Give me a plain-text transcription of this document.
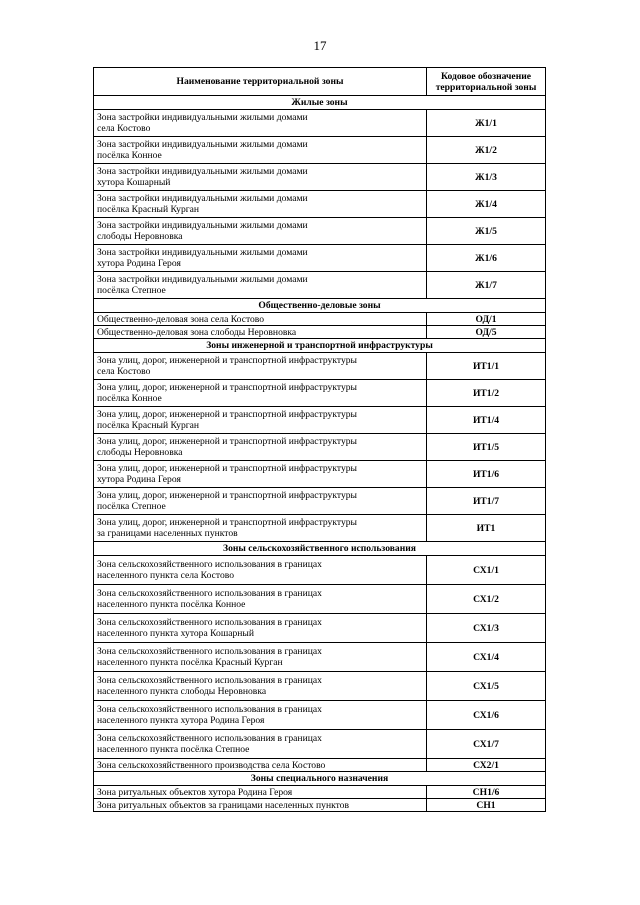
17
Наименование территориальной зоны	Кодовое обозначение территориальной зоны
Жилые зоны	
Зона застройки индивидуальными жилыми домами
села Костово	Ж1/1
Зона застройки индивидуальными жилыми домами
посёлка Конное	Ж1/2
Зона застройки индивидуальными жилыми домами
хутора Кошарный	Ж1/3
Зона застройки индивидуальными жилыми домами
посёлка Красный Курган	Ж1/4
Зона застройки индивидуальными жилыми домами
слободы Неровновка	Ж1/5
Зона застройки индивидуальными жилыми домами
хутора Родина Героя	Ж1/6
Зона застройки индивидуальными жилыми домами
посёлка Степное	Ж1/7
Общественно-деловые зоны	
Общественно-деловая зона села Костово	ОД/1
Общественно-деловая зона слободы Неровновка	ОД/5
Зоны инженерной и транспортной инфраструктуры	
Зона улиц, дорог, инженерной и транспортной инфраструктуры
села Костово	ИТ1/1
Зона улиц, дорог, инженерной и транспортной инфраструктуры
посёлка Конное	ИТ1/2
Зона улиц, дорог, инженерной и транспортной инфраструктуры
посёлка Красный Курган	ИТ1/4
Зона улиц, дорог, инженерной и транспортной инфраструктуры
слободы Неровновка	ИТ1/5
Зона улиц, дорог, инженерной и транспортной инфраструктуры
хутора Родина Героя	ИТ1/6
Зона улиц, дорог, инженерной и транспортной инфраструктуры
посёлка Степное	ИТ1/7
Зона улиц, дорог, инженерной и транспортной инфраструктуры
за границами населенных пунктов	ИТ1
Зоны сельскохозяйственного использования	
Зона сельскохозяйственного использования в границах
населенного пункта села Костово	СХ1/1
Зона сельскохозяйственного использования в границах
населенного пункта посёлка Конное	СХ1/2
Зона сельскохозяйственного использования в границах
населенного пункта хутора Кошарный	СХ1/3
Зона сельскохозяйственного использования в границах
населенного пункта посёлка Красный Курган	СХ1/4
Зона сельскохозяйственного использования в границах
населенного пункта слободы Неровновка	СХ1/5
Зона сельскохозяйственного использования в границах
населенного пункта хутора Родина Героя	СХ1/6
Зона сельскохозяйственного использования в границах
населенного пункта посёлка Степное	СХ1/7
Зона сельскохозяйственного производства села Костово	СХ2/1
Зоны специального назначения	
Зона ритуальных объектов хутора Родина Героя	СН1/6
Зона ритуальных объектов за границами населенных пунктов	СН1
